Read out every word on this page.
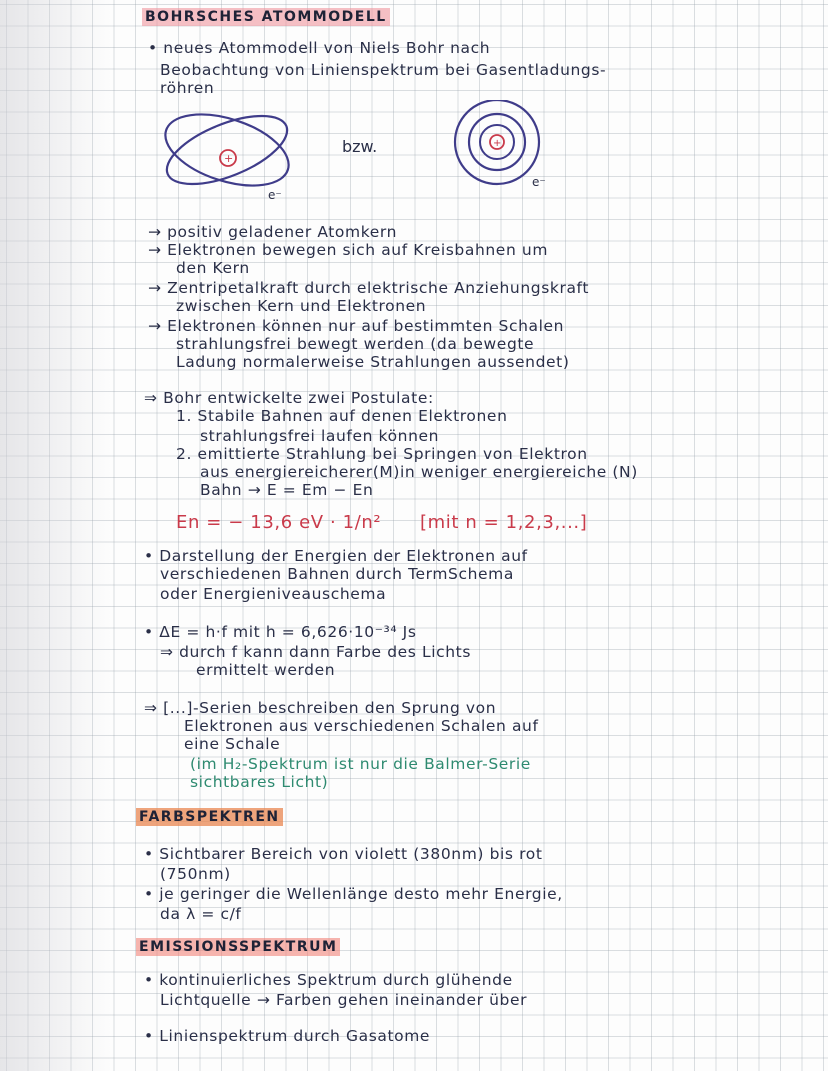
BOHRSCHES ATOMMODELL
• neues Atommodell von Niels Bohr nach
Beobachtung von Linienspektrum bei Gasentladungs-
röhren
+
e⁻
bzw.	+
e⁻
→ positiv geladener Atomkern
→ Elektronen bewegen sich auf Kreisbahnen um
den Kern
→ Zentripetalkraft durch elektrische Anziehungskraft
zwischen Kern und Elektronen
→ Elektronen können nur auf bestimmten Schalen
strahlungsfrei bewegt werden (da bewegte
Ladung normalerweise Strahlungen aussendet)
⇒ Bohr entwickelte zwei Postulate:
1. Stabile Bahnen auf denen Elektronen
strahlungsfrei laufen können
2. emittierte Strahlung bei Springen von Elektron
aus energiereicherer(M)in weniger energiereiche (N)
Bahn → E = Em − En
En = − 13,6 eV · 1/n² [mit n = 1,2,3,...]
• Darstellung der Energien der Elektronen auf
verschiedenen Bahnen durch TermSchema
oder Energieniveauschema
• ΔE = h·f mit h = 6,626·10⁻³⁴ Js
⇒ durch f kann dann Farbe des Lichts
ermittelt werden
⇒ [...]-Serien beschreiben den Sprung von
Elektronen aus verschiedenen Schalen auf
eine Schale
(im H₂-Spektrum ist nur die Balmer-Serie
sichtbares Licht)
FARBSPEKTREN
• Sichtbarer Bereich von violett (380nm) bis rot
(750nm)
• je geringer die Wellenlänge desto mehr Energie,
da λ = c/f
EMISSIONSSPEKTRUM
• kontinuierliches Spektrum durch glühende
Lichtquelle → Farben gehen ineinander über
• Linienspektrum durch Gasatome
